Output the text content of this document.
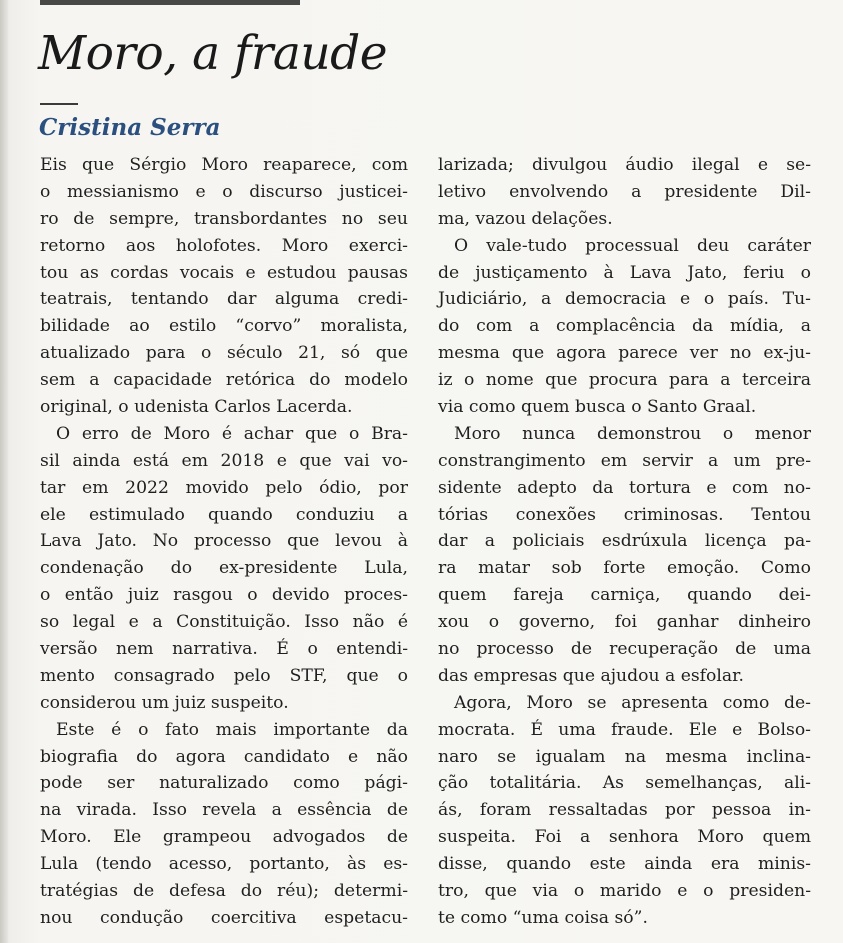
Moro, a fraude
Cristina Serra
Eis que Sérgio Moro reaparece, com
o messianismo e o discurso justicei-
ro de sempre, transbordantes no seu
retorno aos holofotes. Moro exerci-
tou as cordas vocais e estudou pausas
teatrais, tentando dar alguma credi-
bilidade ao estilo “corvo” moralista,
atualizado para o século 21, só que
sem a capacidade retórica do modelo
original, o udenista Carlos Lacerda.
O erro de Moro é achar que o Bra-
sil ainda está em 2018 e que vai vo-
tar em 2022 movido pelo ódio, por
ele estimulado quando conduziu a
Lava Jato. No processo que levou à
condenação do ex-presidente Lula,
o então juiz rasgou o devido proces-
so legal e a Constituição. Isso não é
versão nem narrativa. É o entendi-
mento consagrado pelo STF, que o
considerou um juiz suspeito.
Este é o fato mais importante da
biografia do agora candidato e não
pode ser naturalizado como pági-
na virada. Isso revela a essência de
Moro. Ele grampeou advogados de
Lula (tendo acesso, portanto, às es-
tratégias de defesa do réu); determi-
nou condução coercitiva espetacu-
larizada; divulgou áudio ilegal e se-
letivo envolvendo a presidente Dil-
ma, vazou delações.
O vale-tudo processual deu caráter
de justiçamento à Lava Jato, feriu o
Judiciário, a democracia e o país. Tu-
do com a complacência da mídia, a
mesma que agora parece ver no ex-ju-
iz o nome que procura para a terceira
via como quem busca o Santo Graal.
Moro nunca demonstrou o menor
constrangimento em servir a um pre-
sidente adepto da tortura e com no-
tórias conexões criminosas. Tentou
dar a policiais esdrúxula licença pa-
ra matar sob forte emoção. Como
quem fareja carniça, quando dei-
xou o governo, foi ganhar dinheiro
no processo de recuperação de uma
das empresas que ajudou a esfolar.
Agora, Moro se apresenta como de-
mocrata. É uma fraude. Ele e Bolso-
naro se igualam na mesma inclina-
ção totalitária. As semelhanças, ali-
ás, foram ressaltadas por pessoa in-
suspeita. Foi a senhora Moro quem
disse, quando este ainda era minis-
tro, que via o marido e o presiden-
te como “uma coisa só”.
